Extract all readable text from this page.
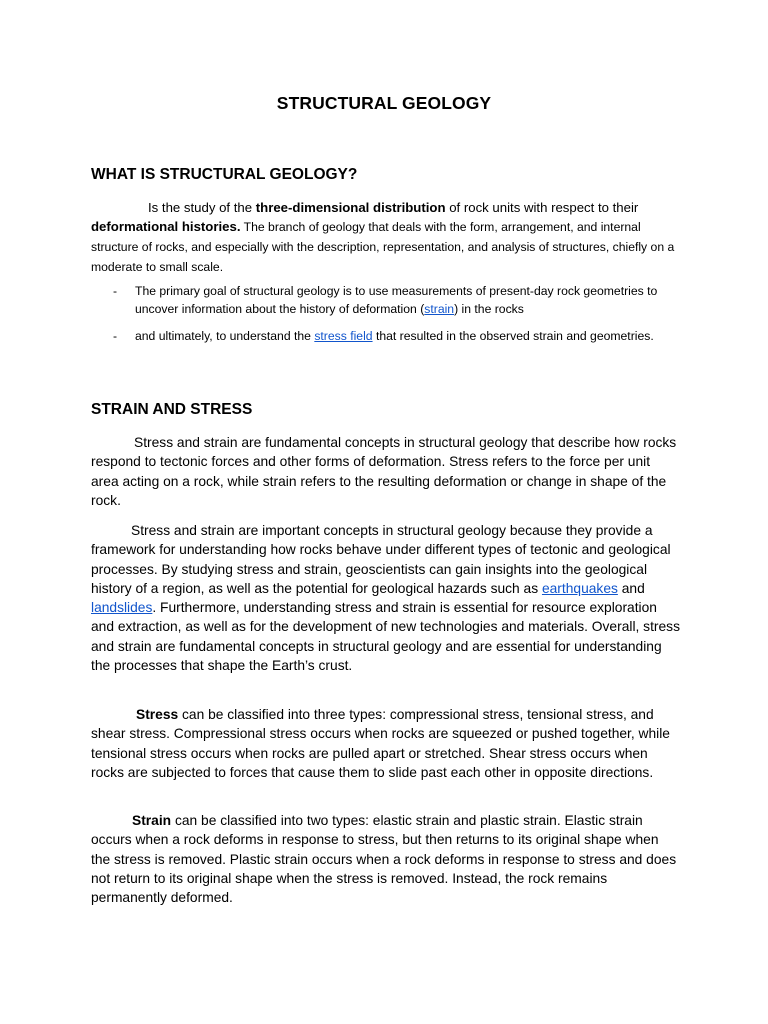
STRUCTURAL GEOLOGY
WHAT IS STRUCTURAL GEOLOGY?

Is the study of the three-dimensional distribution of rock units with respect to their deformational histories. The branch of geology that deals with the form, arrangement, and internal structure of rocks, and especially with the description, representation, and analysis of structures, chiefly on a moderate to small scale.

- The primary goal of structural geology is to use measurements of present-day rock geometries to uncover information about the history of deformation (strain) in the rocks
- and ultimately, to understand the stress field that resulted in the observed strain and geometries.
STRAIN AND STRESS

Stress and strain are fundamental concepts in structural geology that describe how rocks respond to tectonic forces and other forms of deformation. Stress refers to the force per unit area acting on a rock, while strain refers to the resulting deformation or change in shape of the rock.

Stress and strain are important concepts in structural geology because they provide a framework for understanding how rocks behave under different types of tectonic and geological processes. By studying stress and strain, geoscientists can gain insights into the geological history of a region, as well as the potential for geological hazards such as earthquakes and landslides. Furthermore, understanding stress and strain is essential for resource exploration and extraction, as well as for the development of new technologies and materials. Overall, stress and strain are fundamental concepts in structural geology and are essential for understanding the processes that shape the Earth’s crust.

Stress can be classified into three types: compressional stress, tensional stress, and shear stress. Compressional stress occurs when rocks are squeezed or pushed together, while tensional stress occurs when rocks are pulled apart or stretched. Shear stress occurs when rocks are subjected to forces that cause them to slide past each other in opposite directions.

Strain can be classified into two types: elastic strain and plastic strain. Elastic strain occurs when a rock deforms in response to stress, but then returns to its original shape when the stress is removed. Plastic strain occurs when a rock deforms in response to stress and does not return to its original shape when the stress is removed. Instead, the rock remains permanently deformed.
